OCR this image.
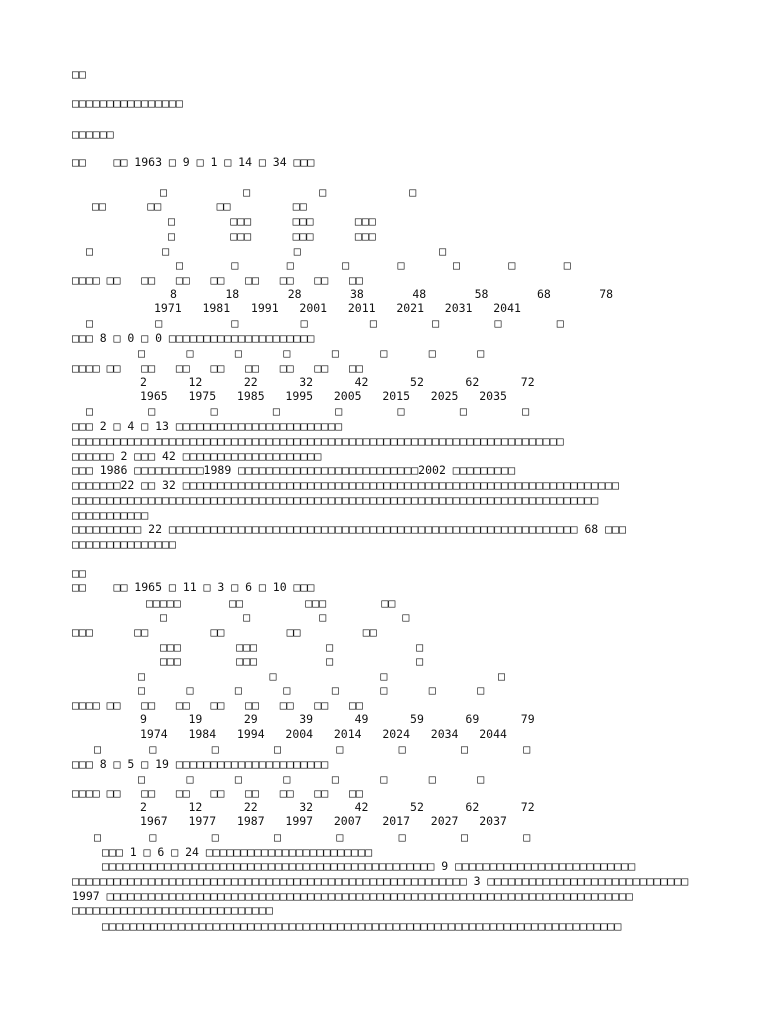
□□
□□□□□□□□□□□□□□□□
□□□□□□
□□    □□ 1963 □ 9 □ 1 □ 14 □ 34 □□□
□           □          □            □
□□      □□        □□         □□
□        □□□      □□□      □□□
□        □□□      □□□      □□□
□          □                  □                    □
□       □       □       □       □       □       □       □
□□□□ □□   □□   □□   □□   □□   □□   □□   □□
8       18       28       38       48       58       68       78
1971   1981   1991   2001   2011   2021   2031   2041
□         □          □         □         □        □        □        □
□□□ 8 □ 0 □ 0 □□□□□□□□□□□□□□□□□□□□□
□      □      □      □      □      □      □      □
□□□□ □□   □□   □□   □□   □□   □□   □□   □□
2      12      22      32      42      52      62      72
1965   1975   1985   1995   2005   2015   2025   2035
□        □        □        □        □        □        □        □
□□□ 2 □ 4 □ 13 □□□□□□□□□□□□□□□□□□□□□□□□
□□□□□□□□□□□□□□□□□□□□□□□□□□□□□□□□□□□□□□□□□□□□□□□□□□□□□□□□□□□□□□□□□□□□□□□
□□□□□□ 2 □□□ 42 □□□□□□□□□□□□□□□□□□□□
□□□ 1986 □□□□□□□□□□1989 □□□□□□□□□□□□□□□□□□□□□□□□□□2002 □□□□□□□□□
□□□□□□□22 □□ 32 □□□□□□□□□□□□□□□□□□□□□□□□□□□□□□□□□□□□□□□□□□□□□□□□□□□□□□□□□□□□□□□
□□□□□□□□□□□□□□□□□□□□□□□□□□□□□□□□□□□□□□□□□□□□□□□□□□□□□□□□□□□□□□□□□□□□□□□□□□□□
□□□□□□□□□□□
□□□□□□□□□□ 22 □□□□□□□□□□□□□□□□□□□□□□□□□□□□□□□□□□□□□□□□□□□□□□□□□□□□□□□□□□□ 68 □□□
□□□□□□□□□□□□□□□
□□
□□    □□ 1965 □ 11 □ 3 □ 6 □ 10 □□□
□□□□□       □□         □□□        □□
□           □          □           □
□□□      □□         □□         □□         □□
□□□        □□□          □            □
□□□        □□□          □            □
□                  □               □                □
□      □      □      □      □      □      □      □
□□□□ □□   □□   □□   □□   □□   □□   □□   □□
9      19      29      39      49      59      69      79
1974   1984   1994   2004   2014   2024   2034   2044
□       □        □        □        □        □        □        □
□□□ 8 □ 5 □ 19 □□□□□□□□□□□□□□□□□□□□□□
□      □      □      □      □      □      □      □
□□□□ □□   □□   □□   □□   □□   □□   □□   □□
2      12      22      32      42      52      62      72
1967   1977   1987   1997   2007   2017   2027   2037
□       □        □        □        □        □        □        □
□□□ 1 □ 6 □ 24 □□□□□□□□□□□□□□□□□□□□□□□□
□□□□□□□□□□□□□□□□□□□□□□□□□□□□□□□□□□□□□□□□□□□□□□□□ 9 □□□□□□□□□□□□□□□□□□□□□□□□□□
□□□□□□□□□□□□□□□□□□□□□□□□□□□□□□□□□□□□□□□□□□□□□□□□□□□□□□□□□ 3 □□□□□□□□□□□□□□□□□□□□□□□□□□□□□
1997 □□□□□□□□□□□□□□□□□□□□□□□□□□□□□□□□□□□□□□□□□□□□□□□□□□□□□□□□□□□□□□□□□□□□□□□□□□□□
□□□□□□□□□□□□□□□□□□□□□□□□□□□□□
□□□□□□□□□□□□□□□□□□□□□□□□□□□□□□□□□□□□□□□□□□□□□□□□□□□□□□□□□□□□□□□□□□□□□□□□□□□
